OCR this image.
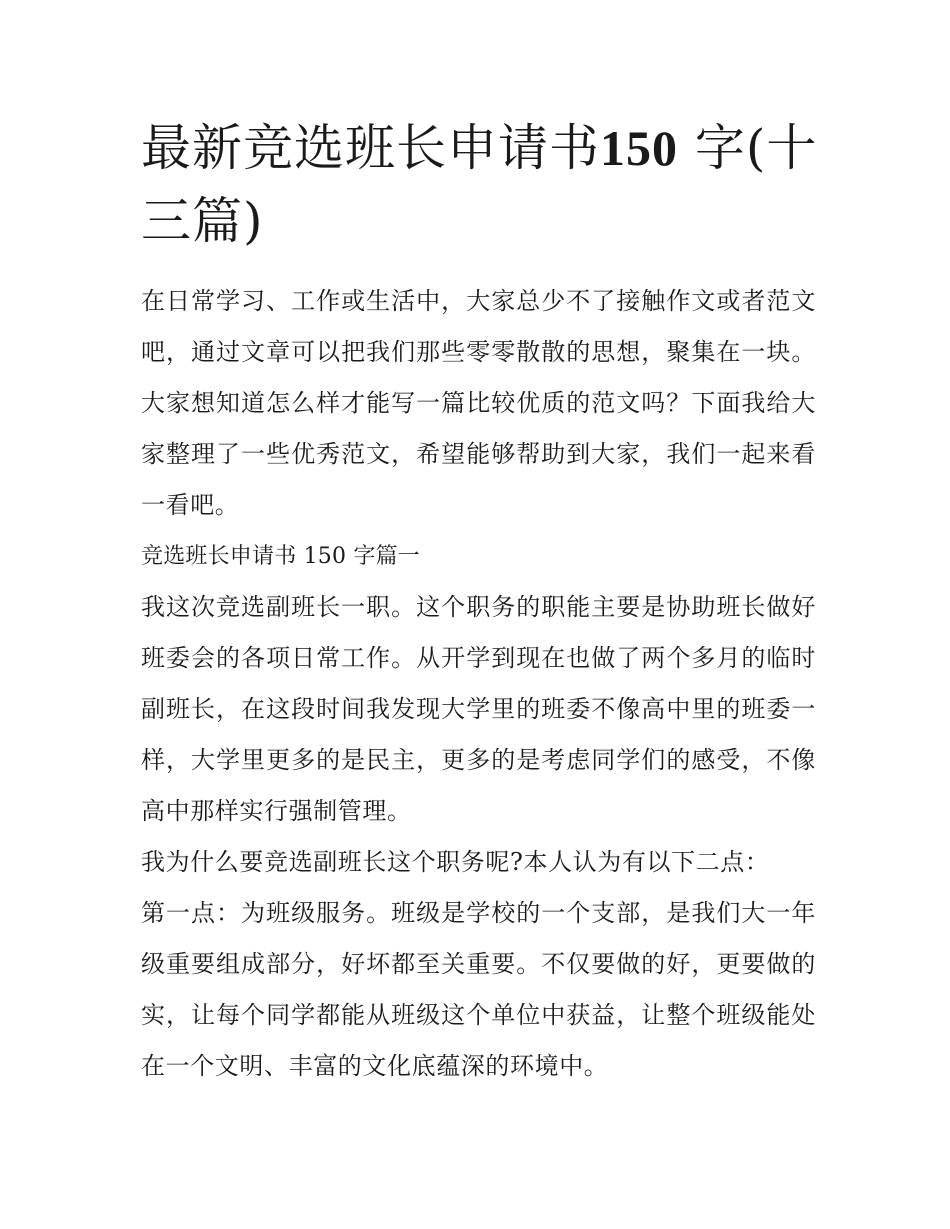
最新竞选班长申请书150 字(十三篇)

在日常学习、工作或生活中，大家总少不了接触作文或者范文吧，通过文章可以把我们那些零零散散的思想，聚集在一块。大家想知道怎么样才能写一篇比较优质的范文吗？下面我给大家整理了一些优秀范文，希望能够帮助到大家，我们一起来看一看吧。

竞选班长申请书 150 字篇一

我这次竞选副班长一职。这个职务的职能主要是协助班长做好班委会的各项日常工作。从开学到现在也做了两个多月的临时副班长，在这段时间我发现大学里的班委不像高中里的班委一样，大学里更多的是民主，更多的是考虑同学们的感受，不像高中那样实行强制管理。

我为什么要竞选副班长这个职务呢?本人认为有以下二点：

第一点：为班级服务。班级是学校的一个支部，是我们大一年级重要组成部分，好坏都至关重要。不仅要做的好，更要做的实，让每个同学都能从班级这个单位中获益，让整个班级能处在一个文明、丰富的文化底蕴深的环境中。
